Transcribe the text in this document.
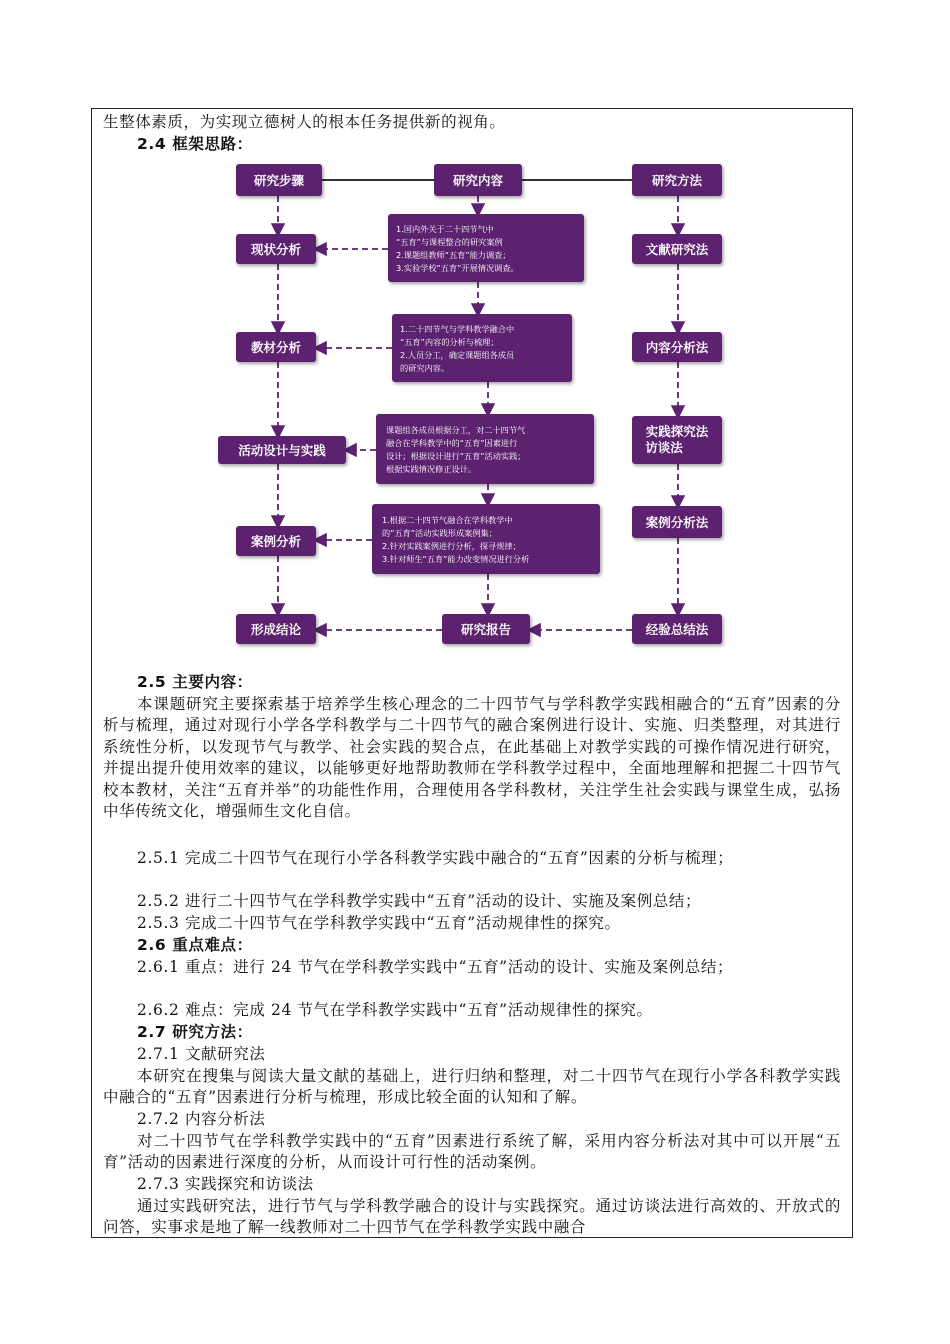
生整体素质，为实现立德树人的根本任务提供新的视角。
2.4 框架思路：
研究步骤
现状分析
教材分析
活动设计与实践
案例分析
形成结论
研究内容
研究报告
研究方法
文献研究法
内容分析法
实践探究法
访谈法
案例分析法
经验总结法
1.国内外关于二十四节气中
“五育”与课程整合的研究案例
2.课题组教师“五育”能力调查；
3.实验学校“五育”开展情况调查。
1.二十四节气与学科教学融合中
“五育”内容的分析与梳理；
2.人员分工，确定课题组各成员
的研究内容。
课题组各成员根据分工，对二十四节气
融合在学科教学中的“五育”因素进行
设计；根据设计进行“五育”活动实践；
根据实践情况修正设计。
1.根据二十四节气融合在学科教学中
的“五育”活动实践形成案例集；
2.针对实践案例进行分析，探寻规律；
3.针对师生“五育”能力改变情况进行分析
2.5 主要内容：
本课题研究主要探索基于培养学生核心理念的二十四节气与学科教学实践相融合的“五育”因素的分析与梳理，通过对现行小学各学科教学与二十四节气的融合案例进行设计、实施、归类整理，对其进行系统性分析，以发现节气与教学、社会实践的契合点，在此基础上对教学实践的可操作情况进行研究，并提出提升使用效率的建议，以能够更好地帮助教师在学科教学过程中，全面地理解和把握二十四节气校本教材，关注“五育并举”的功能性作用，合理使用各学科教材，关注学生社会实践与课堂生成，弘扬中华传统文化，增强师生文化自信。
2.5.1 完成二十四节气在现行小学各科教学实践中融合的“五育”因素的分析与梳理；
2.5.2 进行二十四节气在学科教学实践中“五育”活动的设计、实施及案例总结；
2.5.3 完成二十四节气在学科教学实践中“五育”活动规律性的探究。
2.6 重点难点：
2.6.1 重点：进行 24 节气在学科教学实践中“五育”活动的设计、实施及案例总结；
2.6.2 难点：完成 24 节气在学科教学实践中“五育”活动规律性的探究。
2.7 研究方法：
2.7.1 文献研究法
本研究在搜集与阅读大量文献的基础上，进行归纳和整理，对二十四节气在现行小学各科教学实践中融合的“五育”因素进行分析与梳理，形成比较全面的认知和了解。
2.7.2 内容分析法
对二十四节气在学科教学实践中的“五育”因素进行系统了解，采用内容分析法对其中可以开展“五育”活动的因素进行深度的分析，从而设计可行性的活动案例。
2.7.3 实践探究和访谈法
通过实践研究法，进行节气与学科教学融合的设计与实践探究。通过访谈法进行高效的、开放式的问答，实事求是地了解一线教师对二十四节气在学科教学实践中融合
